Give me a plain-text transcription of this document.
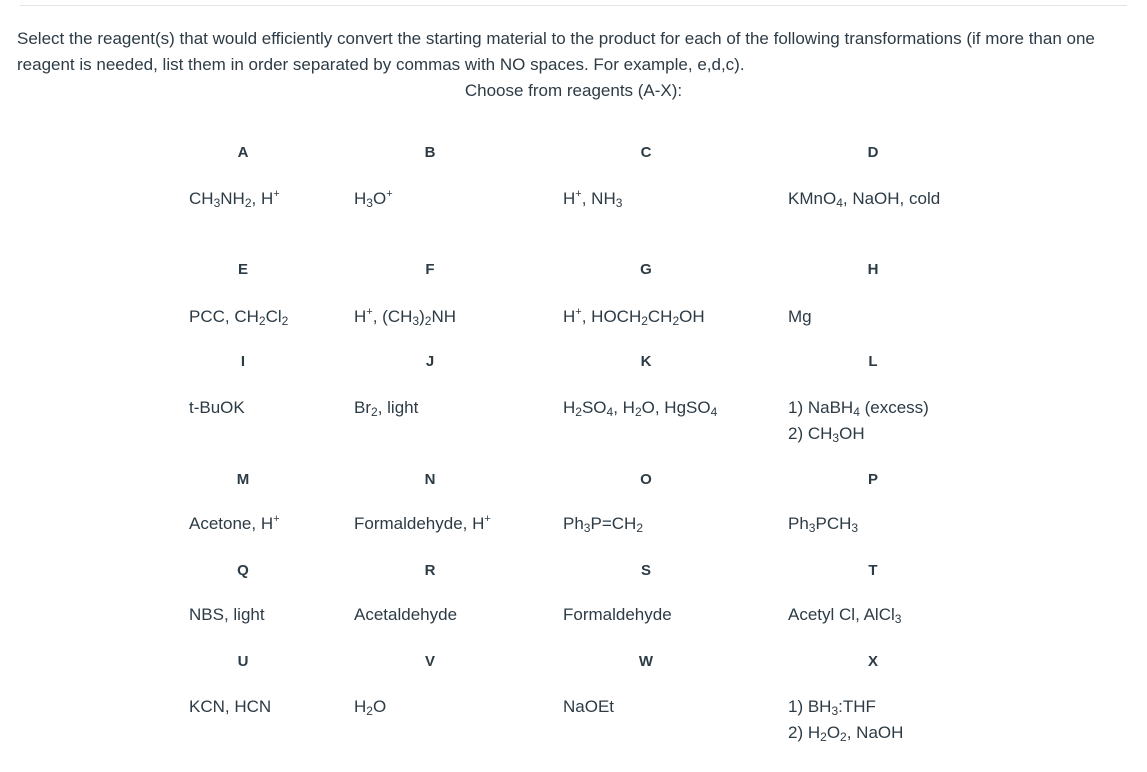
Select the reagent(s) that would efficiently convert the starting material to the product for each of the following transformations (if more than one reagent is needed, list them in order separated by commas with NO spaces. For example, e,d,c).
Choose from reagents (A-X):
A
$CH_3NH_2$, H+
B
$H_3O^+$
C
H+, $NH_3$
D
KMnO$_4$, NaOH, cold
E
PCC, $CH_2Cl_2$
F
H+, $(CH_3)_2NH$
G
H+, $HOCH_2CH_2OH$
H
Mg
I
t-BuOK
J
$Br_2$, light
K
$H_2SO_4$, $H_2O$, HgSO$_4$
L
1) NaBH$_4$ (excess)
2) $CH_3OH$
M
Acetone, H+
N
Formaldehyde, H+
O
$Ph_3P=CH_2$
P
$Ph_3PCH_3$
Q
NBS, light
R
Acetaldehyde
S
Formaldehyde
T
Acetyl Cl, AlCl$_3$
U
KCN, HCN
V
$H_2O$
W
NaOEt
X
1) $BH_3:THF$
2) $H_2O_2$, NaOH
